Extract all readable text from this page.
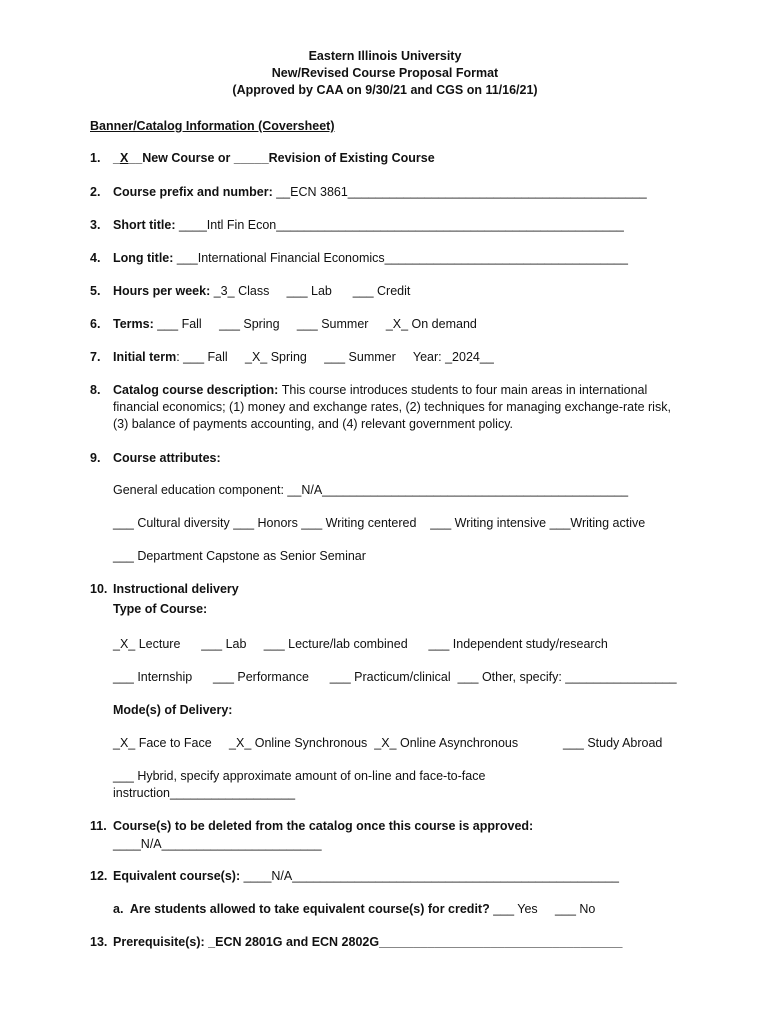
Eastern Illinois University
New/Revised Course Proposal Format
(Approved by CAA on 9/30/21 and CGS on 11/16/21)
Banner/Catalog Information (Coversheet)
1. _X__New Course or _____Revision of Existing Course
2. Course prefix and number: __ECN 3861___________________________________________
3. Short title: ____Intl Fin Econ__________________________________________________
4. Long title: ___International Financial Economics___________________________________
5. Hours per week: _3_ Class     ___ Lab      ___ Credit
6. Terms: ___ Fall     ___ Spring     ___ Summer     _X_ On demand
7. Initial term: ___ Fall     _X_ Spring     ___ Summer     Year: _2024__
8. Catalog course description: This course introduces students to four main areas in international
financial economics; (1) money and exchange rates, (2) techniques for managing exchange-rate risk,
(3) balance of payments accounting, and (4) relevant government policy.
9. Course attributes:
General education component: __N/A____________________________________________
___ Cultural diversity ___ Honors ___ Writing centered    ___ Writing intensive ___Writing active
___ Department Capstone as Senior Seminar
10. Instructional delivery
Type of Course:
_X_ Lecture      ___ Lab     ___ Lecture/lab combined      ___ Independent study/research
___ Internship      ___ Performance      ___ Practicum/clinical  ___ Other, specify: ________________
Mode(s) of Delivery:
_X_ Face to Face     _X_ Online Synchronous  _X_ Online Asynchronous	___ Study Abroad
___ Hybrid, specify approximate amount of on-line and face-to-face
instruction__________________
11. Course(s) to be deleted from the catalog once this course is approved:
____N/A_______________________
12. Equivalent course(s): ____N/A_______________________________________________
a.  Are students allowed to take equivalent course(s) for credit? ___ Yes     ___ No
13. Prerequisite(s): _ECN 2801G and ECN 2802G___________________________________
